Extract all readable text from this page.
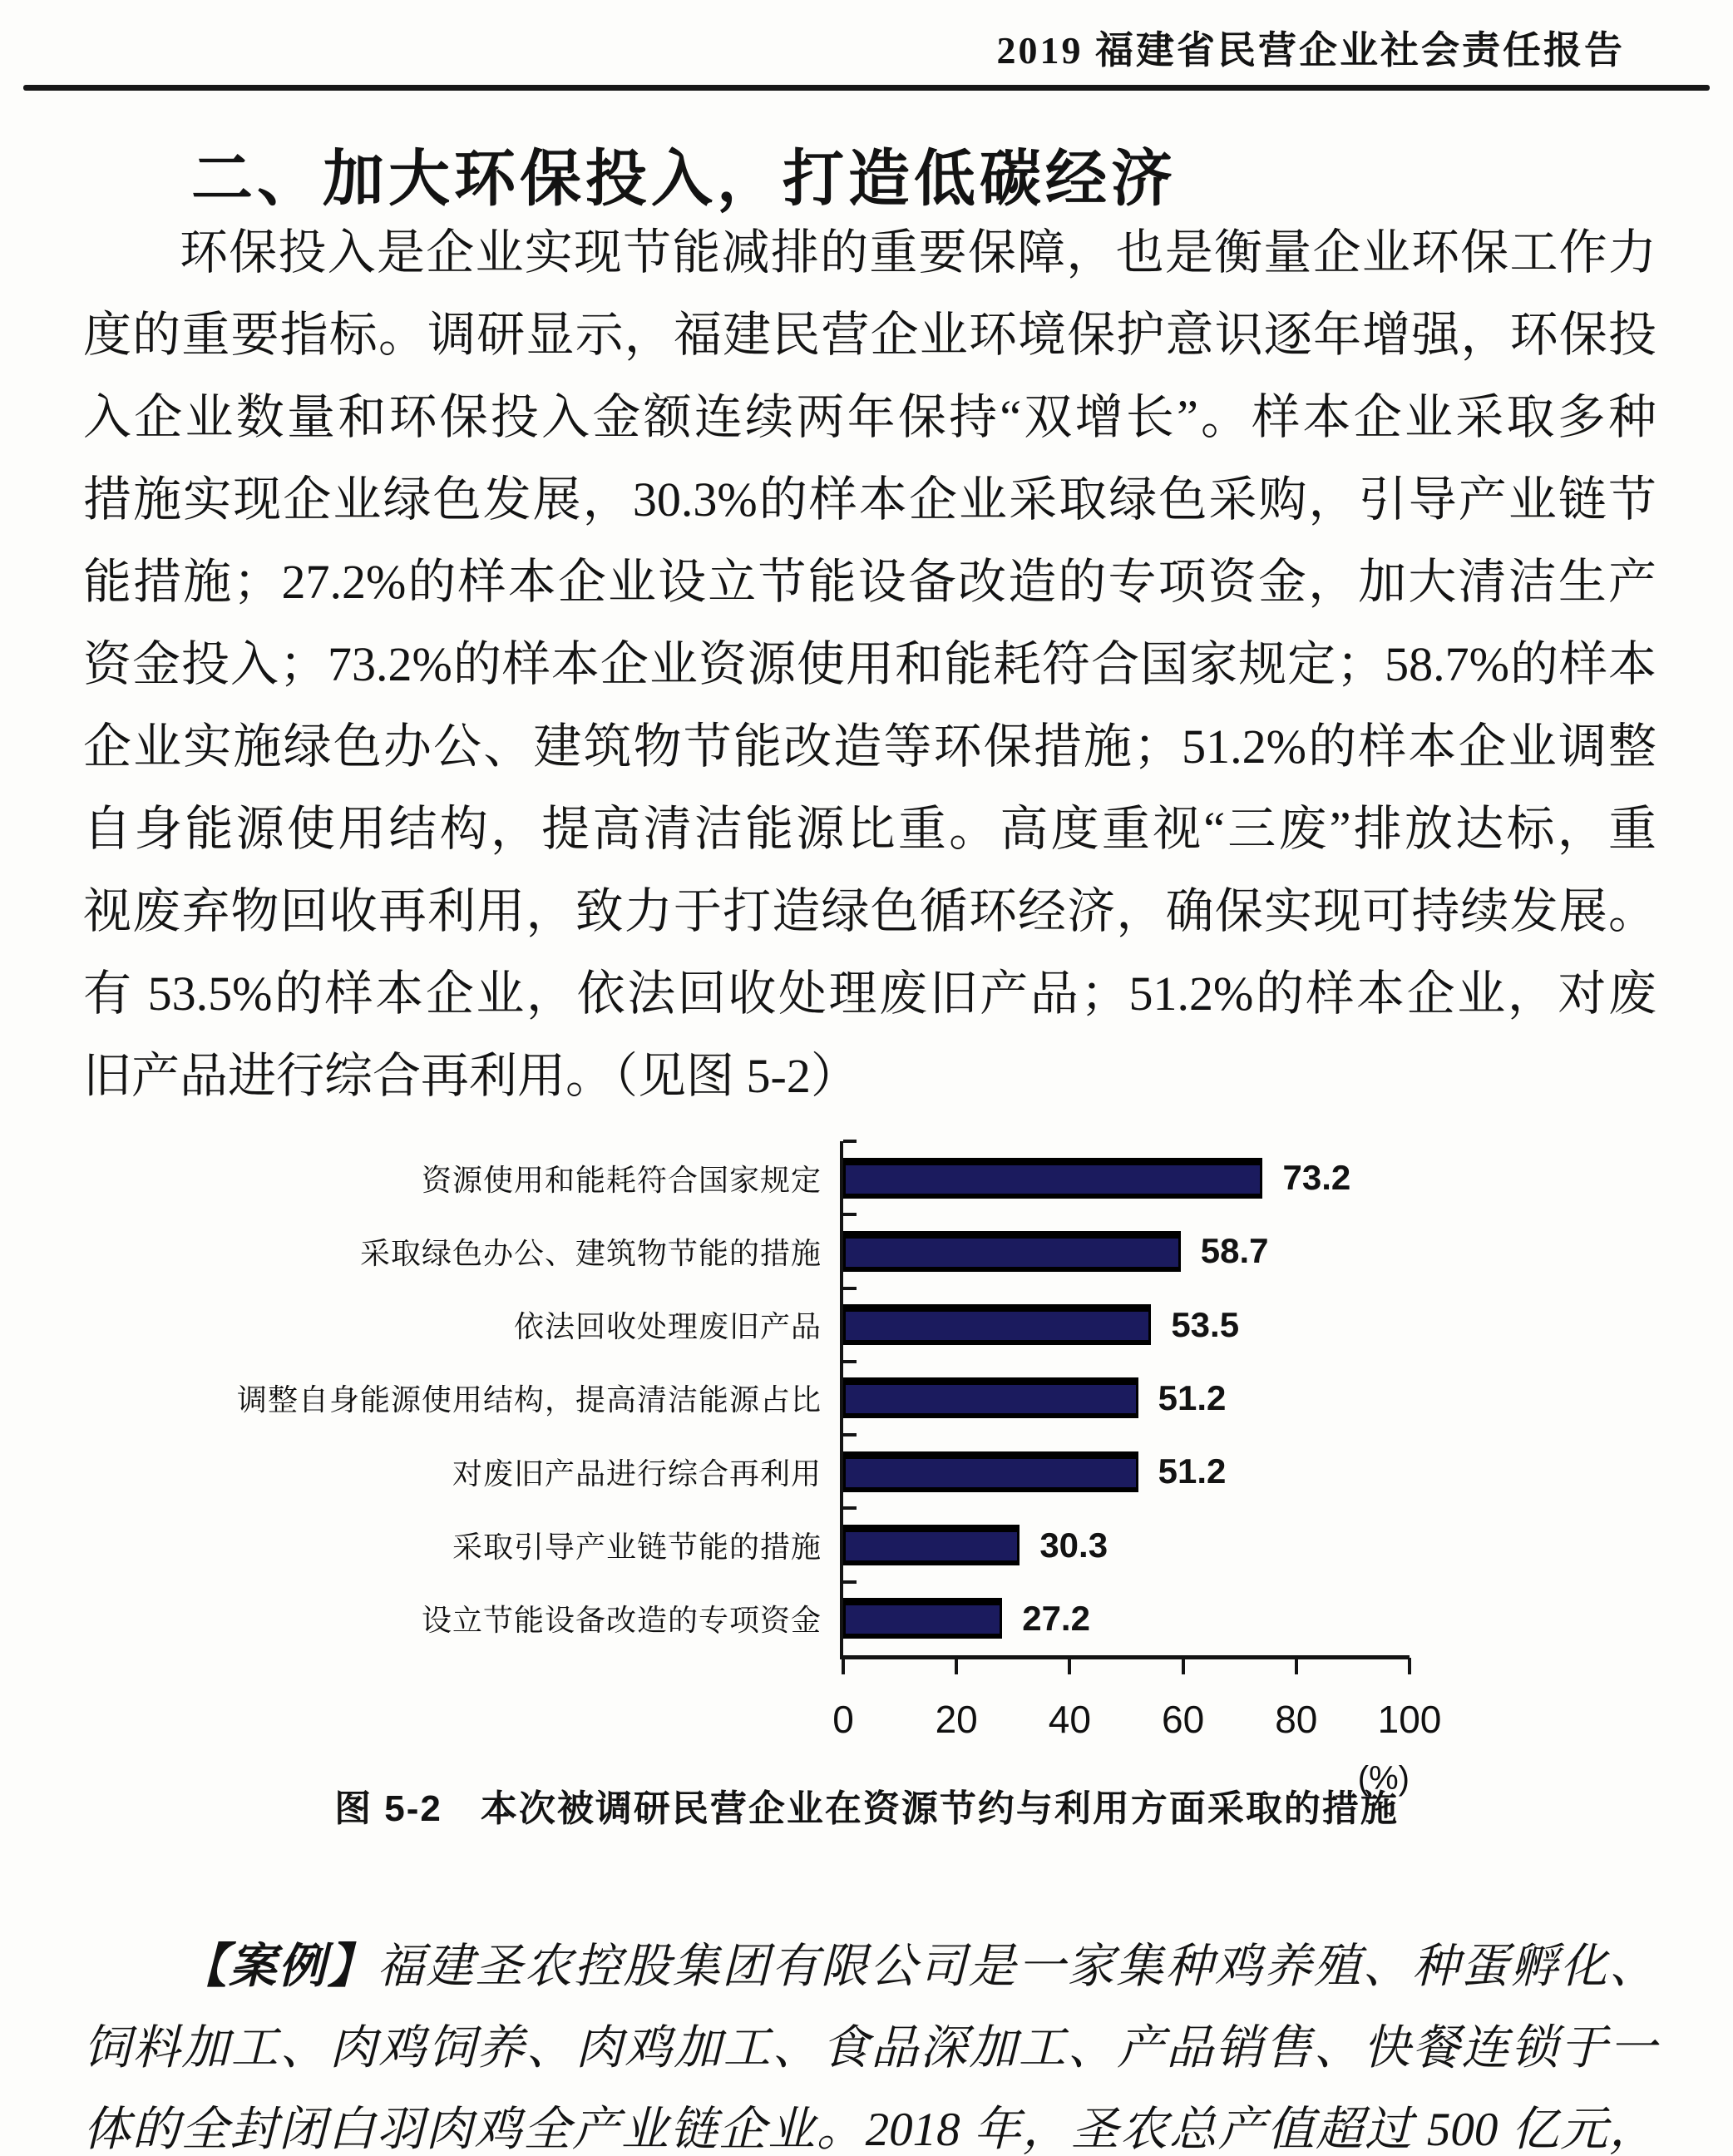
2019 福建省民营企业社会责任报告
二、加大环保投入，打造低碳经济
环保投入是企业实现节能减排的重要保障，也是衡量企业环保工作力
度的重要指标。调研显示，福建民营企业环境保护意识逐年增强，环保投
入企业数量和环保投入金额连续两年保持“双增长”。样本企业采取多种
措施实现企业绿色发展，30.3%的样本企业采取绿色采购，引导产业链节
能措施；27.2%的样本企业设立节能设备改造的专项资金，加大清洁生产
资金投入；73.2%的样本企业资源使用和能耗符合国家规定；58.7%的样本
企业实施绿色办公、建筑物节能改造等环保措施；51.2%的样本企业调整
自身能源使用结构，提高清洁能源比重。高度重视“三废”排放达标，重
视废弃物回收再利用，致力于打造绿色循环经济，确保实现可持续发展。
有 53.5%的样本企业，依法回收处理废旧产品；51.2%的样本企业，对废
旧产品进行综合再利用。（见图 5-2）
资源使用和能耗符合国家规定	73.2
采取绿色办公、建筑物节能的措施	58.7
依法回收处理废旧产品	53.5
调整自身能源使用结构，提高清洁能源占比	51.2
对废旧产品进行综合再利用	51.2
采取引导产业链节能的措施	30.3
设立节能设备改造的专项资金	27.2
(%)
0 20 40 60 80 100
图 5-2　本次被调研民营企业在资源节约与利用方面采取的措施
【案例】福建圣农控股集团有限公司是一家集种鸡养殖、种蛋孵化、
饲料加工、肉鸡饲养、肉鸡加工、食品深加工、产品销售、快餐连锁于一
体的全封闭白羽肉鸡全产业链企业。2018 年，圣农总产值超过 500 亿元，
